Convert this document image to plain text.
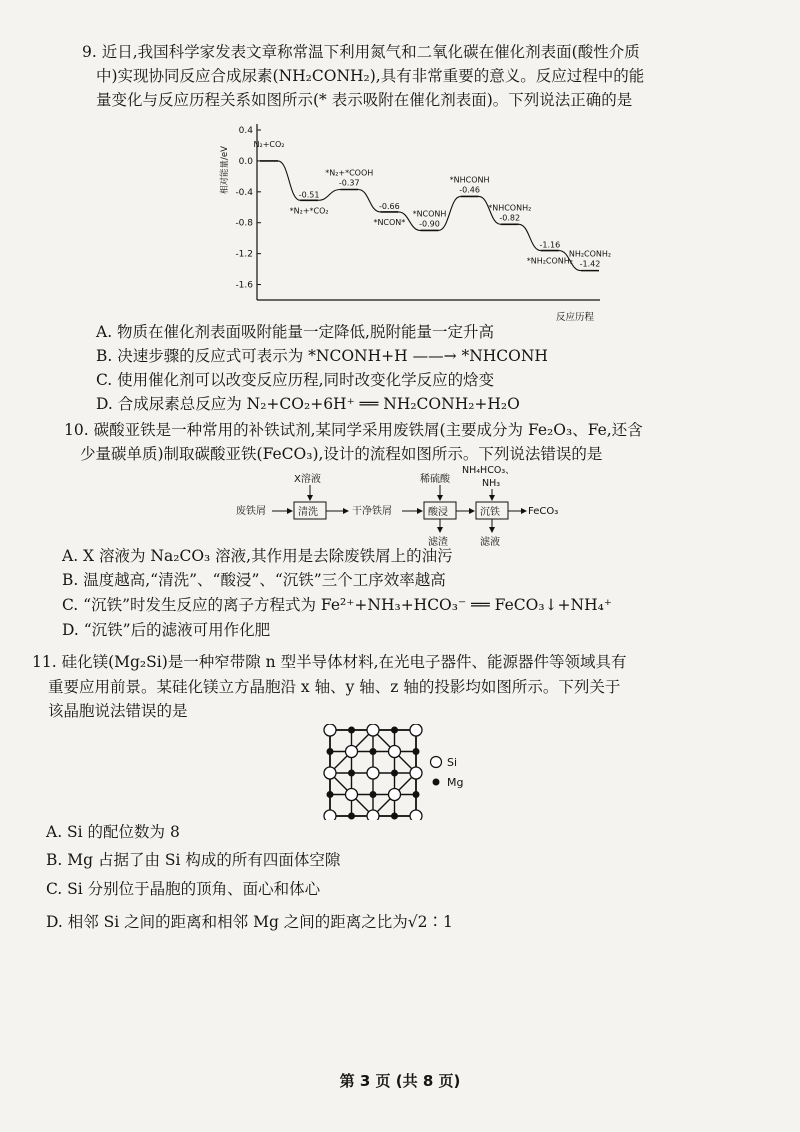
9. 近日,我国科学家发表文章称常温下利用氮气和二氧化碳在催化剂表面(酸性介质
中)实现协同反应合成尿素(NH₂CONH₂),具有非常重要的意义。反应过程中的能
量变化与反应历程关系如图所示(* 表示吸附在催化剂表面)。下列说法正确的是
0.4
0.0
-0.4
-0.8
-1.2
-1.6
相对能量/eV
反应历程
N₂+CO₂
*N₂+*CO₂
-0.51
*N₂+*COOH
-0.37
*NCON*
-0.66
*NCONH
-0.90
*NHCONH
-0.46
*NHCONH₂
-0.82
*NH₂CONH₂
-1.16
NH₂CONH₂
-1.42
A. 物质在催化剂表面吸附能量一定降低,脱附能量一定升高
B. 决速步骤的反应式可表示为 *NCONH+H ——→ *NHCONH
C. 使用催化剂可以改变反应历程,同时改变化学反应的焓变
D. 合成尿素总反应为 N₂+CO₂+6H⁺ ══ NH₂CONH₂+H₂O
10. 碳酸亚铁是一种常用的补铁试剂,某同学采用废铁屑(主要成分为 Fe₂O₃、Fe,还含
少量碳单质)制取碳酸亚铁(FeCO₃),设计的流程如图所示。下列说法错误的是
废铁屑	清洗
X溶液
干净铁屑	酸浸
稀硫酸
滤渣
沉铁
NH₄HCO₃、
NH₃
滤液
FeCO₃
A. X 溶液为 Na₂CO₃ 溶液,其作用是去除废铁屑上的油污
B. 温度越高,“清洗”、“酸浸”、“沉铁”三个工序效率越高
C. “沉铁”时发生反应的离子方程式为 Fe²⁺+NH₃+HCO₃⁻ ══ FeCO₃↓+NH₄⁺
D. “沉铁”后的滤液可用作化肥
11. 硅化镁(Mg₂Si)是一种窄带隙 n 型半导体材料,在光电子器件、能源器件等领域具有
重要应用前景。某硅化镁立方晶胞沿 x 轴、y 轴、z 轴的投影均如图所示。下列关于
该晶胞说法错误的是
Si
Mg
A. Si 的配位数为 8
B. Mg 占据了由 Si 构成的所有四面体空隙
C. Si 分别位于晶胞的顶角、面心和体心
D. 相邻 Si 之间的距离和相邻 Mg 之间的距离之比为√2∶1
第 3 页 (共 8 页)
